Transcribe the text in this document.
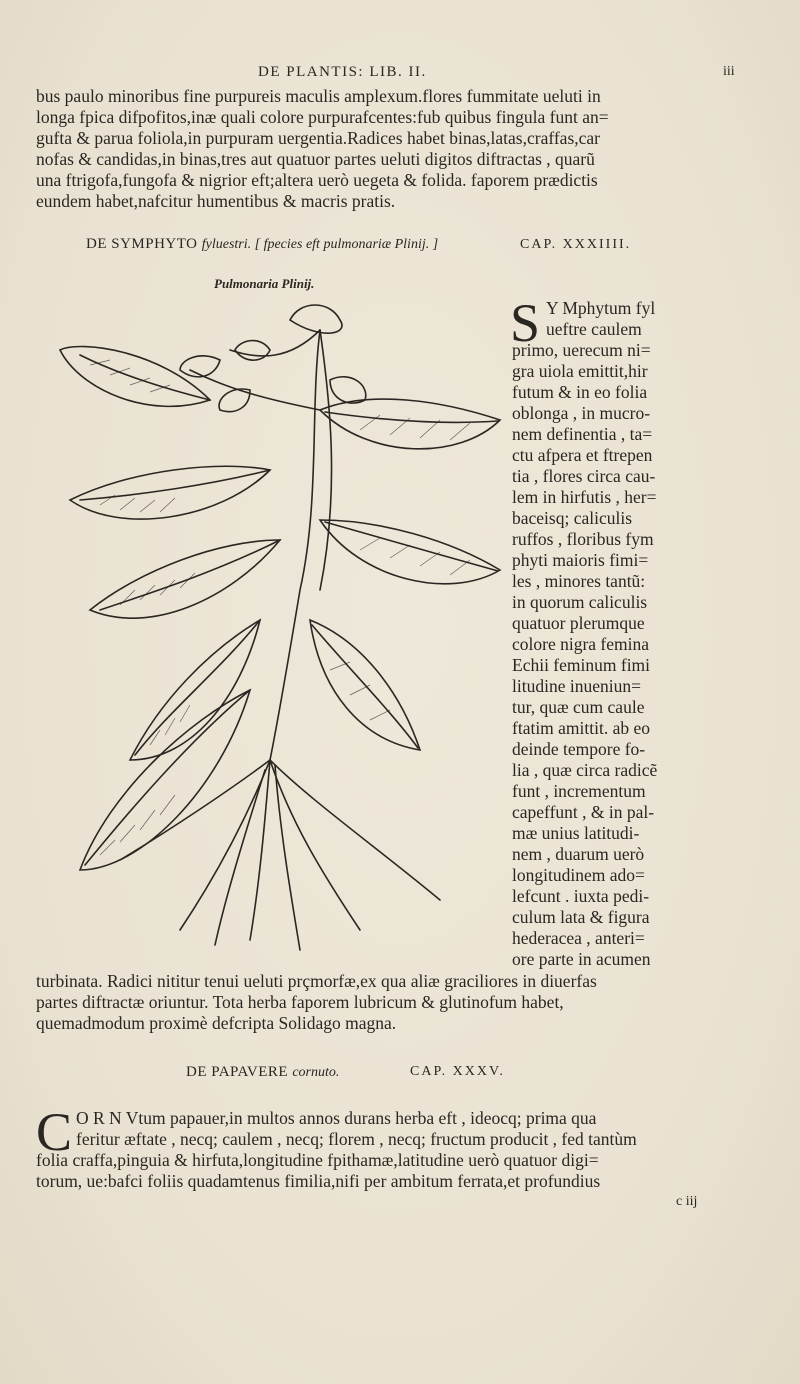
DE PLANTIS: LIB. II.	iii
bus paulo minoribus fine purpureis maculis amplexum.flores fummitate ueluti in
longa fpica difpofitos,inæ quali colore purpurafcentes:fub quibus fingula funt an=
gufta & parua foliola,in purpuram uergentia.Radices habet binas,latas,craffas,car
nofas & candidas,in binas,tres aut quatuor partes ueluti digitos diftractas , quarũ
una ftrigofa,fungofa & nigrior eft;altera uerò uegeta & folida. faporem prædictis
eundem habet,nafcitur humentibus & macris pratis.
DE SYMPHYTO fyluestri. [ fpecies eft pulmonariæ Plinij. ]	CAP. XXXIIII.
Pulmonaria Plinij.
S Y Mphytum fyl
ueftre caulem
primo, uerecum ni=
gra uiola emittit,hir
futum & in eo folia
oblonga , in mucro-
nem definentia , ta=
ctu afpera et ftrepen
tia , flores circa cau-
lem in hirfutis , her=
baceisq; caliculis
ruffos , floribus fym
phyti maioris fimi=
les , minores tantũ:
in quorum caliculis
quatuor plerumque
colore nigra femina
Echii feminum fimi
litudine inueniun=
tur, quæ cum caule
ftatim amittit. ab eo
deinde tempore fo-
lia , quæ circa radicẽ
funt , incrementum
capeffunt , & in pal-
mæ unius latitudi-
nem , duarum uerò
longitudinem ado=
lefcunt . iuxta pedi-
culum lata & figura
hederacea , anteri=
ore parte in acumen
turbinata. Radici nititur tenui ueluti prçmorfæ,ex qua aliæ graciliores in diuerfas
partes diftractæ oriuntur. Tota herba faporem lubricum & glutinofum habet,
quemadmodum proximè defcripta Solidago magna.
DE PAPAVERE cornuto.	CAP. XXXV.
C O R N Vtum papauer,in multos annos durans herba eft , ideocq; prima qua
feritur æftate , necq; caulem , necq; florem , necq; fructum producit , fed tantùm
folia craffa,pinguia & hirfuta,longitudine fpithamæ,latitudine uerò quatuor digi=
torum, ue:bafci foliis quadamtenus fimilia,nifi per ambitum ferrata,et profundius
c iij
